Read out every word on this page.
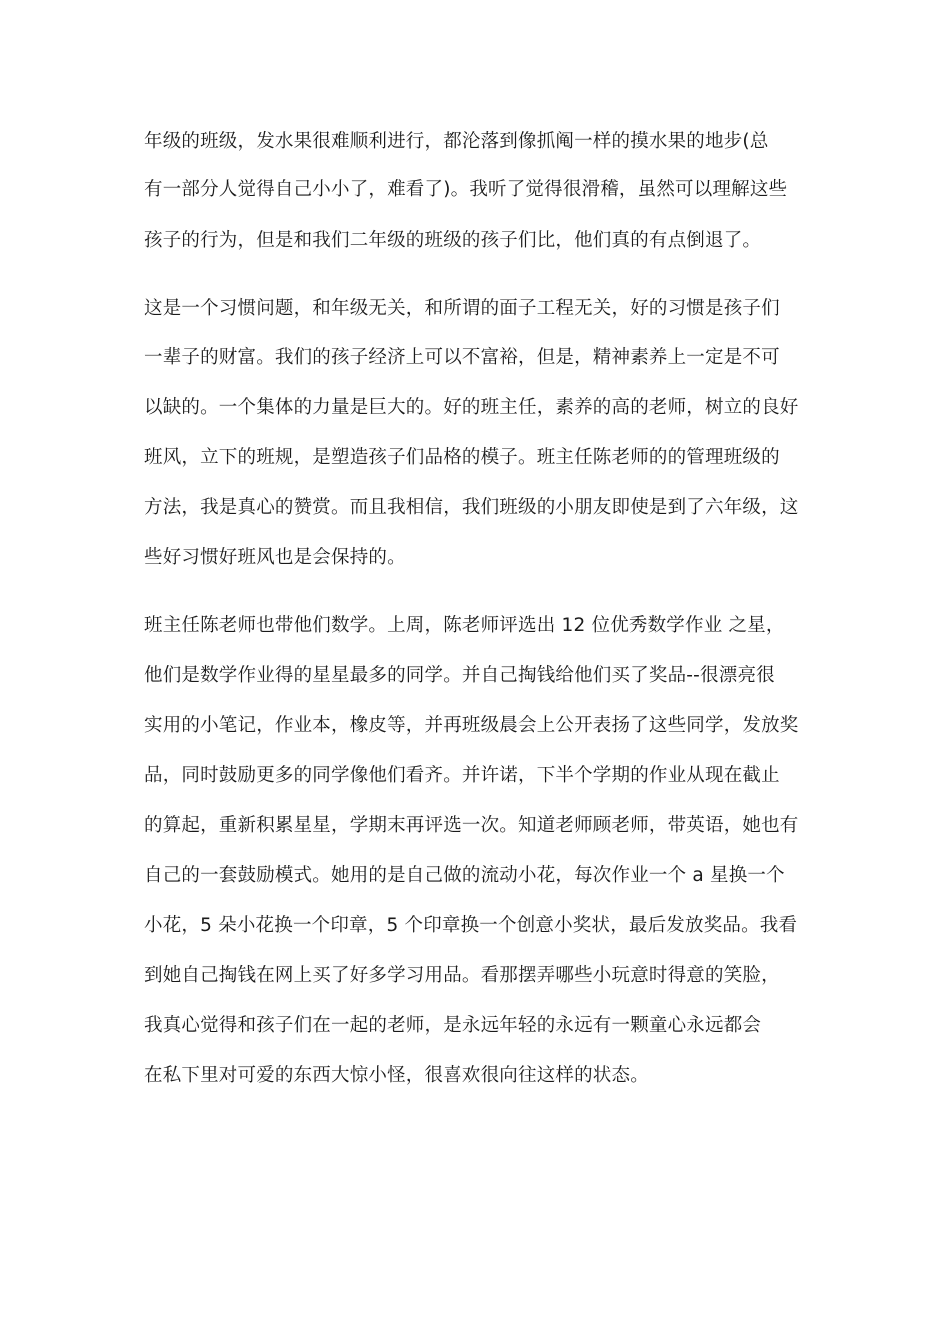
年级的班级，发水果很难顺利进行，都沦落到像抓阄一样的摸水果的地步(总
有一部分人觉得自己小小了，难看了)。我听了觉得很滑稽，虽然可以理解这些
孩子的行为，但是和我们二年级的班级的孩子们比，他们真的有点倒退了。
这是一个习惯问题，和年级无关，和所谓的面子工程无关，好的习惯是孩子们
一辈子的财富。我们的孩子经济上可以不富裕，但是，精神素养上一定是不可
以缺的。一个集体的力量是巨大的。好的班主任，素养的高的老师，树立的良好
班风，立下的班规，是塑造孩子们品格的模子。班主任陈老师的的管理班级的
方法，我是真心的赞赏。而且我相信，我们班级的小朋友即使是到了六年级，这
些好习惯好班风也是会保持的。
班主任陈老师也带他们数学。上周，陈老师评选出 12 位优秀数学作业 之星，
他们是数学作业得的星星最多的同学。并自己掏钱给他们买了奖品--很漂亮很
实用的小笔记，作业本，橡皮等，并再班级晨会上公开表扬了这些同学，发放奖
品，同时鼓励更多的同学像他们看齐。并许诺，下半个学期的作业从现在截止
的算起，重新积累星星，学期末再评选一次。知道老师顾老师，带英语，她也有
自己的一套鼓励模式。她用的是自己做的流动小花，每次作业一个 a 星换一个
小花，5 朵小花换一个印章，5 个印章换一个创意小奖状，最后发放奖品。我看
到她自己掏钱在网上买了好多学习用品。看那摆弄哪些小玩意时得意的笑脸，
我真心觉得和孩子们在一起的老师，是永远年轻的永远有一颗童心永远都会
在私下里对可爱的东西大惊小怪，很喜欢很向往这样的状态。
